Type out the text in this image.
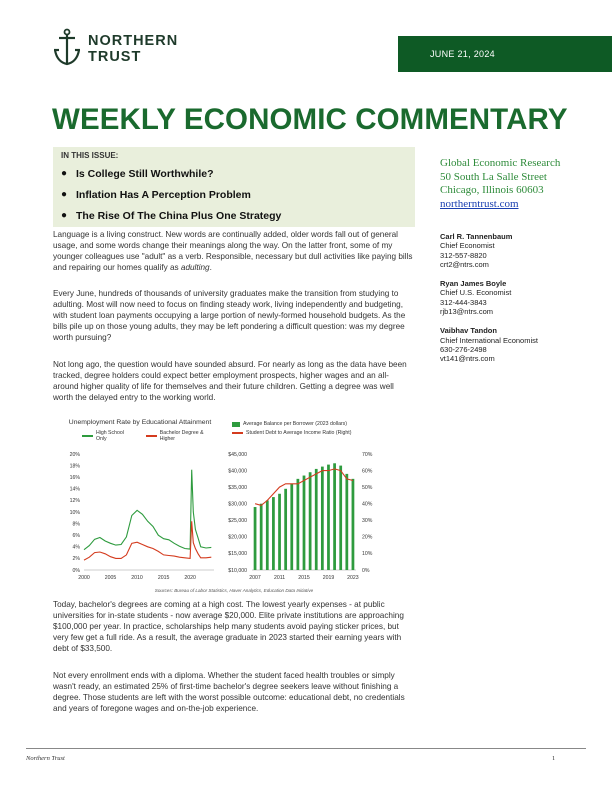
NORTHERN
TRUST	JUNE 21, 2024
WEEKLY ECONOMIC COMMENTARY
IN THIS ISSUE:
● Is College Still Worthwhile?
● Inflation Has A Perception Problem
● The Rise Of The China Plus One Strategy
Global Economic Research
50 South La Salle Street
Chicago, Illinois 60603
northerntrust.com
Carl R. Tannenbaum
Chief Economist
312-557-8820
crt2@ntrs.com
Ryan James Boyle
Chief U.S. Economist
312-444-3843
rjb13@ntrs.com
Vaibhav Tandon
Chief International Economist
630-276-2498
vt141@ntrs.com

Language is a living construct. New words are continually added, older words fall out of general usage, and some words change their meanings along the way. On the latter front, some of my younger colleagues use "adult" as a verb. Responsible, necessary but dull activities like paying bills and repairing our homes qualify as adulting.

Every June, hundreds of thousands of university graduates make the transition from studying to adulting. Most will now need to focus on finding steady work, living independently and budgeting, with student loan payments occupying a large portion of newly-formed household budgets. As the bills pile up on those young adults, they may be left pondering a difficult question: was my degree worth pursuing?

Not long ago, the question would have sounded absurd. For nearly as long as the data have been tracked, degree holders could expect better employment prospects, higher wages and an all-around higher quality of life for themselves and their future children. Getting a degree was well worth the delayed entry to the working world.

Unemployment Rate by Educational Attainment
High School Only
Bachelor Degree & Higher
0%
2%
4%
6%
8%
10%
12%
14%
16%
18%
20%
2000	2005	2010	2015	2020
Average Balance per Borrower (2023 dollars)
Student Debt to Average Income Ratio (Right)
$10,000
$15,000
$20,000
$25,000
$30,000
$35,000
$40,000
$45,000
0%
10%
20%
30%
40%
50%
60%
70%
2007	2011	2015 2019 2023
Sources: Bureau of Labor Statistics, Haver Analytics, Education Data Initiative

Today, bachelor's degrees are coming at a high cost. The lowest yearly expenses - at public universities for in-state students - now average $20,000. Elite private institutions are approaching $100,000 per year. In practice, scholarships help many students avoid paying sticker prices, but very few get a full ride. As a result, the average graduate in 2023 started their earning years with debt of $33,500.

Not every enrollment ends with a diploma. Whether the student faced health troubles or simply wasn't ready, an estimated 25% of first-time bachelor's degree seekers leave without finishing a degree. Those students are left with the worst possible outcome: educational debt, no credentials and years of foregone wages and on-the-job experience.

Northern Trust	1
